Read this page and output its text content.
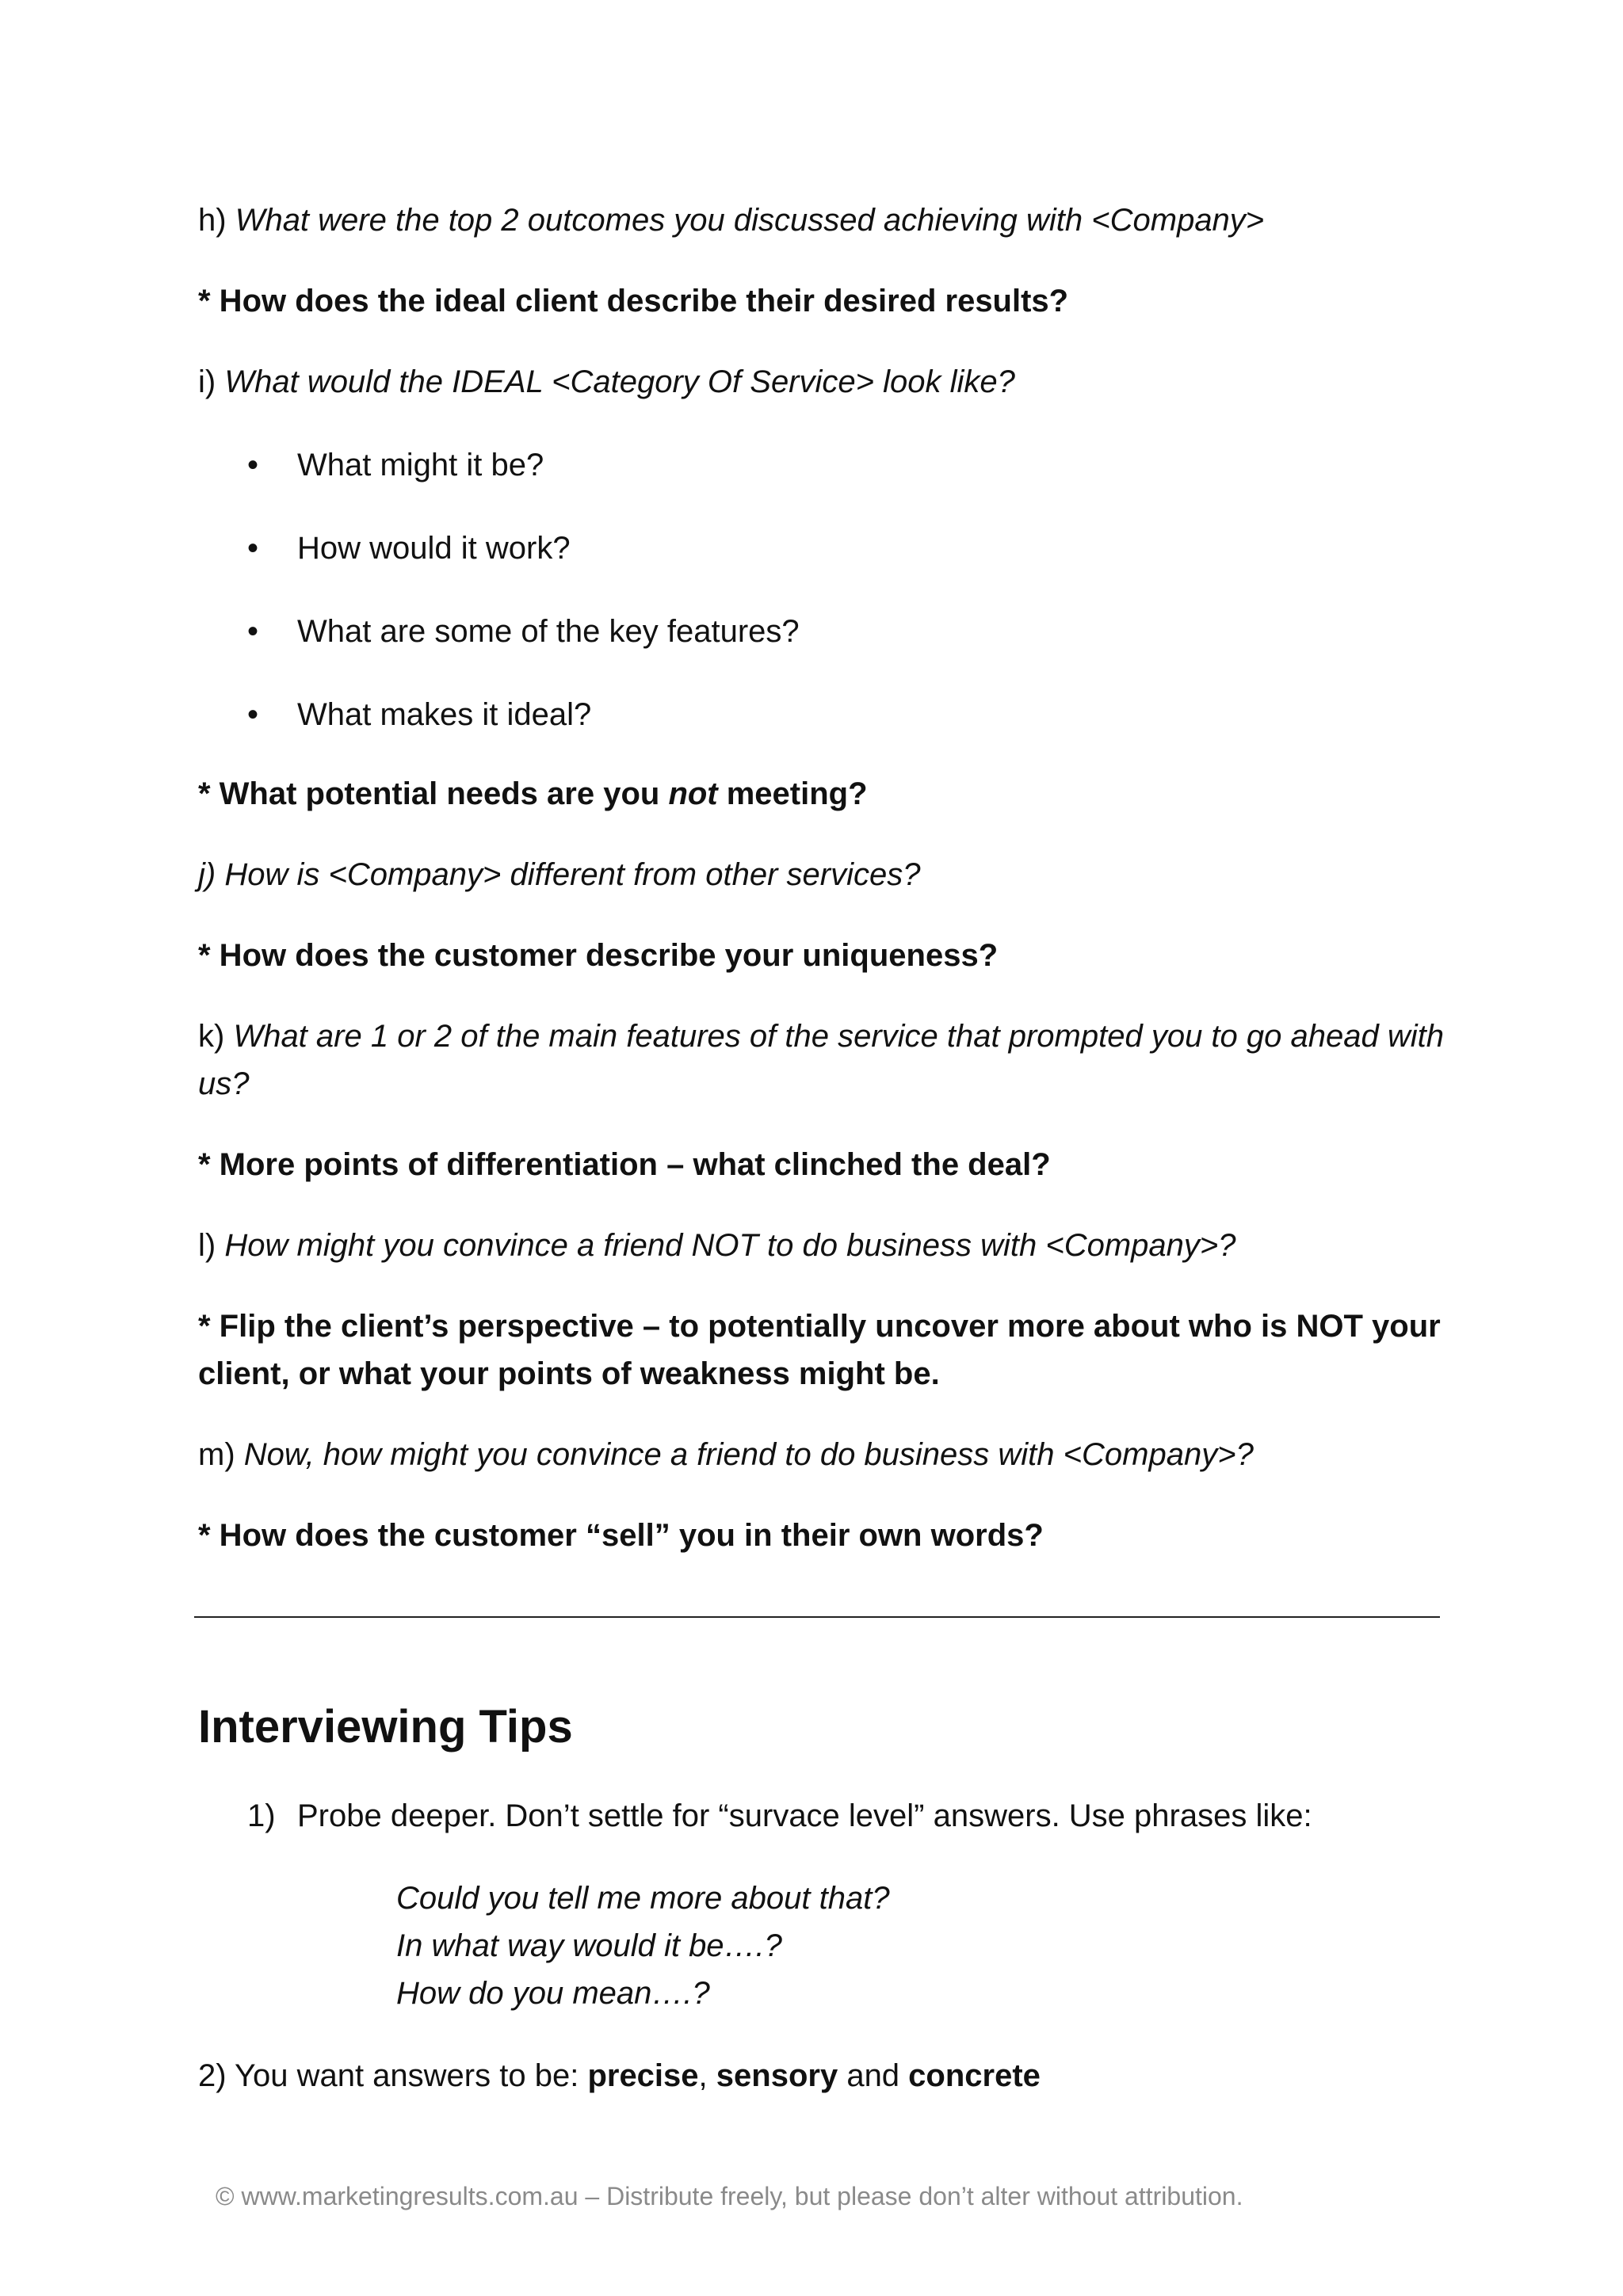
h) What were the top 2 outcomes you discussed achieving with <Company>
* How does the ideal client describe their desired results?
i) What would the IDEAL <Category Of Service> look like?
• What might it be?
• How would it work?
• What are some of the key features?
• What makes it ideal?
* What potential needs are you not meeting?
j) How is <Company> different from other services?
* How does the customer describe your uniqueness?
k) What are 1 or 2 of the main features of the service that prompted you to go ahead with us?
* More points of differentiation – what clinched the deal?
l) How might you convince a friend NOT to do business with <Company>?
* Flip the client’s perspective – to potentially uncover more about who is NOT your client, or what your points of weakness might be.
m) Now, how might you convince a friend to do business with <Company>?
* How does the customer “sell” you in their own words?
Interviewing Tips
1) Probe deeper. Don’t settle for “survace level” answers. Use phrases like:
Could you tell me more about that?
In what way would it be….?
How do you mean….?
2) You want answers to be: precise, sensory and concrete
© www.marketingresults.com.au – Distribute freely, but please don’t alter without attribution.
